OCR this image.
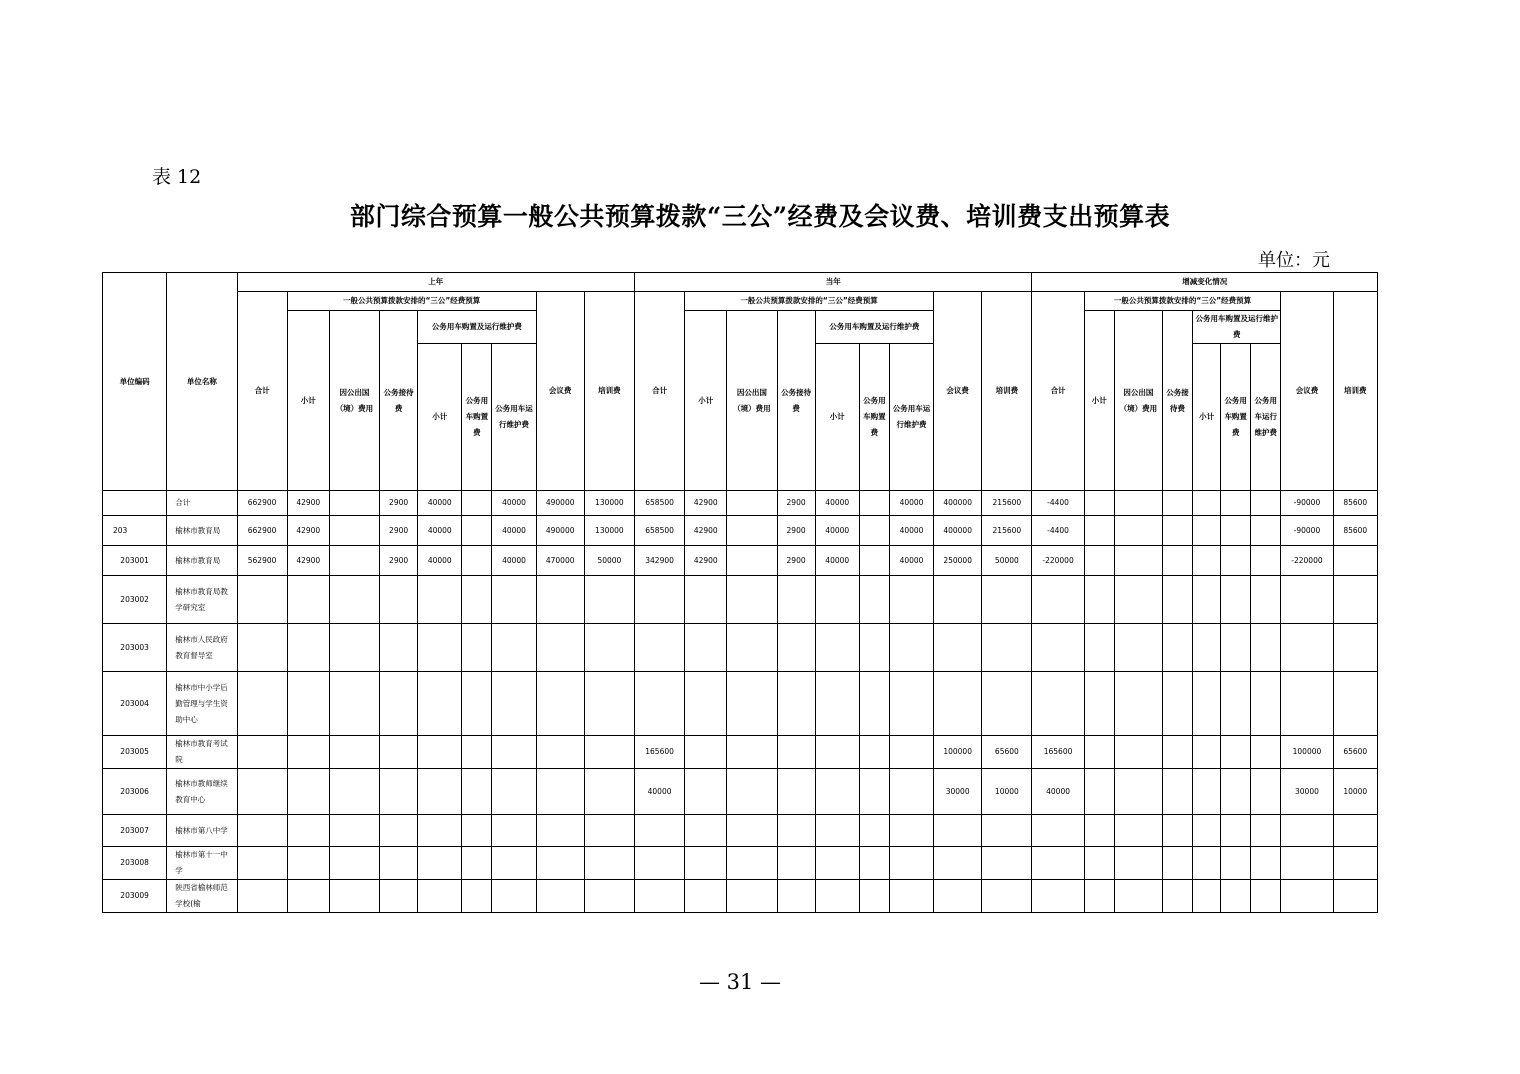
表 12
部门综合预算一般公共预算拨款“三公”经费及会议费、培训费支出预算表
单位：元
单位编码	单位名称	上年									当年									增减变化情况								
		合计	一般公共预算拨款安排的“三公”经费预算						会议费	培训费	合计	一般公共预算拨款安排的“三公”经费预算						会议费	培训费	合计	一般公共预算拨款安排的“三公”经费预算						会议费	培训费
			小计	因公出国（境）费用	公务接待费	公务用车购置及运行维护费						小计	因公出国（境）费用	公务接待费	公务用车购置及运行维护费						小计	因公出国（境）费用	公务接待费	公务用车购置及运行维护费				
						小计	公务用车购置费	公务用车运行维护费							小计	公务用车购置费	公务用车运行维护费							小计	公务用车购置费	公务用车运行维护费		
	合计	662900	42900		2900	40000		40000	490000	130000	658500	42900		2900	40000		40000	400000	215600	-4400							-90000	85600
203	榆林市教育局	662900	42900		2900	40000		40000	490000	130000	658500	42900		2900	40000		40000	400000	215600	-4400							-90000	85600
203001	榆林市教育局	562900	42900		2900	40000		40000	470000	50000	342900	42900		2900	40000		40000	250000	50000	-220000							-220000	
203002	榆林市教育局教学研究室																											
203003	榆林市人民政府教育督导室																											
203004	榆林市中小学后勤管理与学生资助中心																											
203005	榆林市教育考试院										165600							100000	65600	165600							100000	65600
203006	榆林市教师继续教育中心										40000							30000	10000	40000							30000	10000
203007	榆林市第八中学																											
203008	榆林市第十一中学																											
203009	陕西省榆林师范学校(榆																											
— 31 —
